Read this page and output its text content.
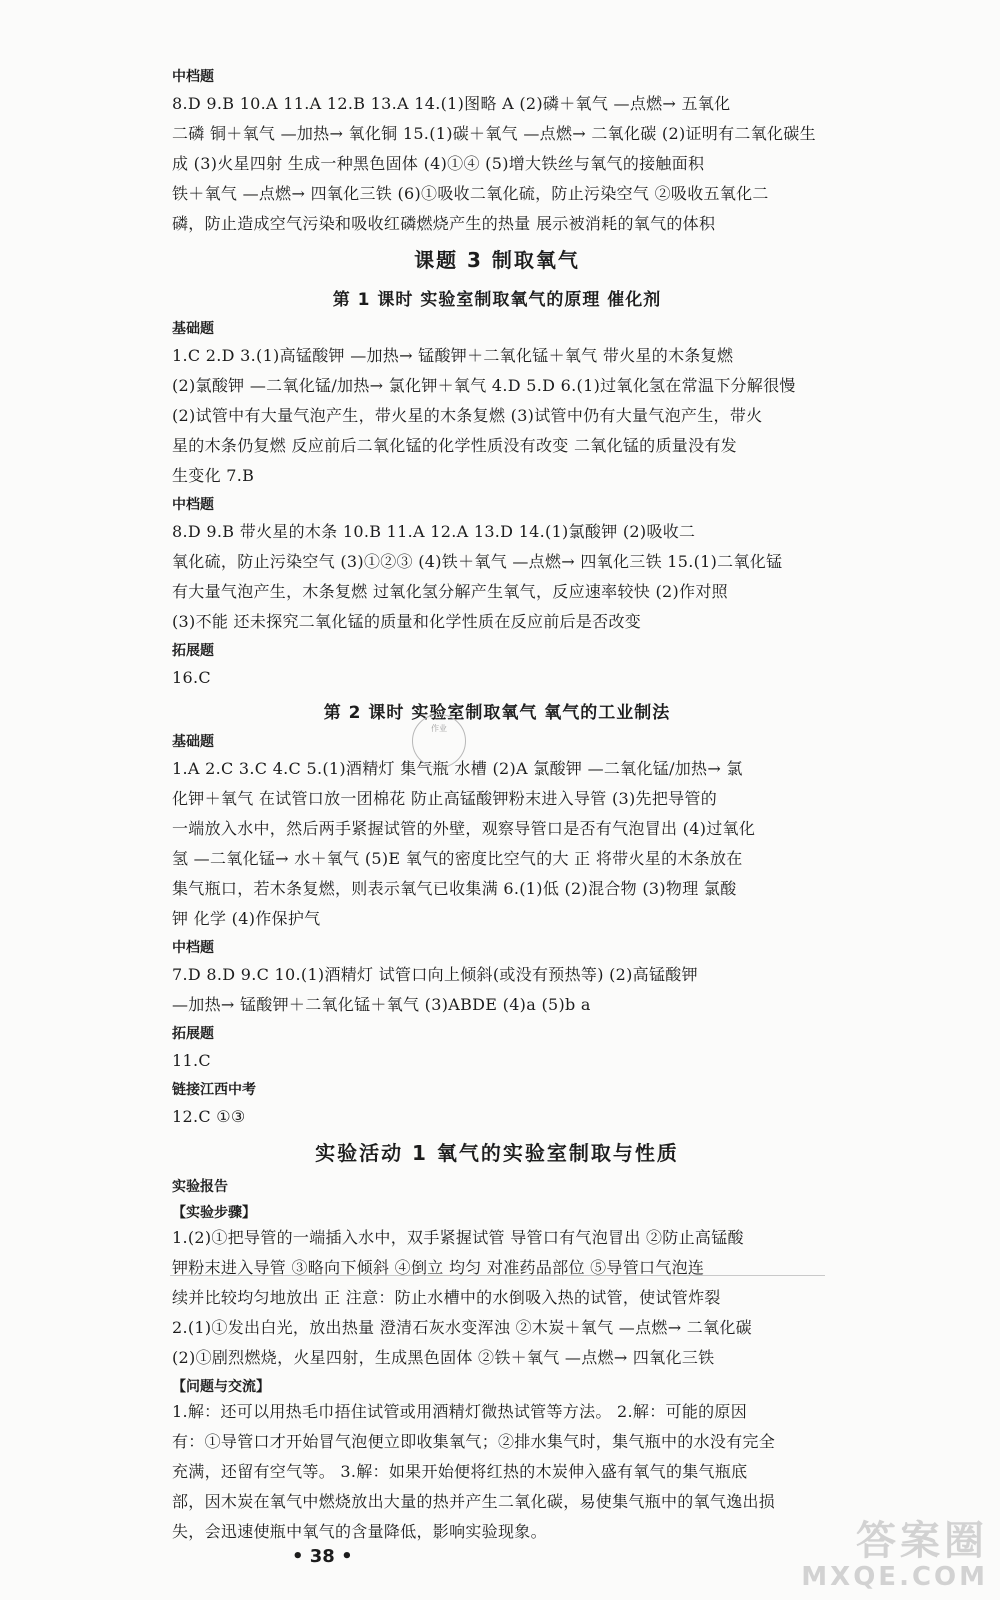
中档题
8.D 9.B 10.A 11.A 12.B 13.A 14.(1)图略 A (2)磷＋氧气 —点燃→ 五氧化
二磷 铜＋氧气 —加热→ 氧化铜 15.(1)碳＋氧气 —点燃→ 二氧化碳 (2)证明有二氧化碳生
成 (3)火星四射 生成一种黑色固体 (4)①④ (5)增大铁丝与氧气的接触面积
铁＋氧气 —点燃→ 四氧化三铁 (6)①吸收二氧化硫，防止污染空气 ②吸收五氧化二
磷，防止造成空气污染和吸收红磷燃烧产生的热量 展示被消耗的氧气的体积
课题 3 制取氧气
第 1 课时 实验室制取氧气的原理 催化剂
基础题
1.C 2.D 3.(1)高锰酸钾 —加热→ 锰酸钾＋二氧化锰＋氧气 带火星的木条复燃
(2)氯酸钾 —二氧化锰/加热→ 氯化钾＋氧气 4.D 5.D 6.(1)过氧化氢在常温下分解很慢
(2)试管中有大量气泡产生，带火星的木条复燃 (3)试管中仍有大量气泡产生，带火
星的木条仍复燃 反应前后二氧化锰的化学性质没有改变 二氧化锰的质量没有发
生变化 7.B
中档题
8.D 9.B 带火星的木条 10.B 11.A 12.A 13.D 14.(1)氯酸钾 (2)吸收二
氧化硫，防止污染空气 (3)①②③ (4)铁＋氧气 —点燃→ 四氧化三铁 15.(1)二氧化锰
有大量气泡产生，木条复燃 过氧化氢分解产生氧气，反应速率较快 (2)作对照
(3)不能 还未探究二氧化锰的质量和化学性质在反应前后是否改变
拓展题
16.C
第 2 课时 实验室制取氧气 氧气的工业制法
基础题
1.A 2.C 3.C 4.C 5.(1)酒精灯 集气瓶 水槽 (2)A 氯酸钾 —二氧化锰/加热→ 氯
化钾＋氧气 在试管口放一团棉花 防止高锰酸钾粉末进入导管 (3)先把导管的
一端放入水中，然后两手紧握试管的外壁，观察导管口是否有气泡冒出 (4)过氧化
氢 —二氧化锰→ 水＋氧气 (5)E 氧气的密度比空气的大 正 将带火星的木条放在
集气瓶口，若木条复燃，则表示氧气已收集满 6.(1)低 (2)混合物 (3)物理 氯酸
钾 化学 (4)作保护气
中档题
7.D 8.D 9.C 10.(1)酒精灯 试管口向上倾斜(或没有预热等) (2)高锰酸钾
—加热→ 锰酸钾＋二氧化锰＋氧气 (3)ABDE (4)a (5)b a
拓展题
11.C
链接江西中考
12.C ①③
实验活动 1 氧气的实验室制取与性质
实验报告
【实验步骤】
1.(2)①把导管的一端插入水中，双手紧握试管 导管口有气泡冒出 ②防止高锰酸
钾粉末进入导管 ③略向下倾斜 ④倒立 均匀 对准药品部位 ⑤导管口气泡连
续并比较均匀地放出 正 注意：防止水槽中的水倒吸入热的试管，使试管炸裂
2.(1)①发出白光，放出热量 澄清石灰水变浑浊 ②木炭＋氧气 —点燃→ 二氧化碳
(2)①剧烈燃烧，火星四射，生成黑色固体 ②铁＋氧气 —点燃→ 四氧化三铁
【问题与交流】
1.解：还可以用热毛巾捂住试管或用酒精灯微热试管等方法。 2.解：可能的原因
有：①导管口才开始冒气泡便立即收集氧气；②排水集气时，集气瓶中的水没有完全
充满，还留有空气等。 3.解：如果开始便将红热的木炭伸入盛有氧气的集气瓶底
部，因木炭在氧气中燃烧放出大量的热并产生二氧化碳，易使集气瓶中的氧气逸出损
失，会迅速使瓶中氧气的含量降低，影响实验现象。
作业
• 38 •	答案圈
MXQE.COM
